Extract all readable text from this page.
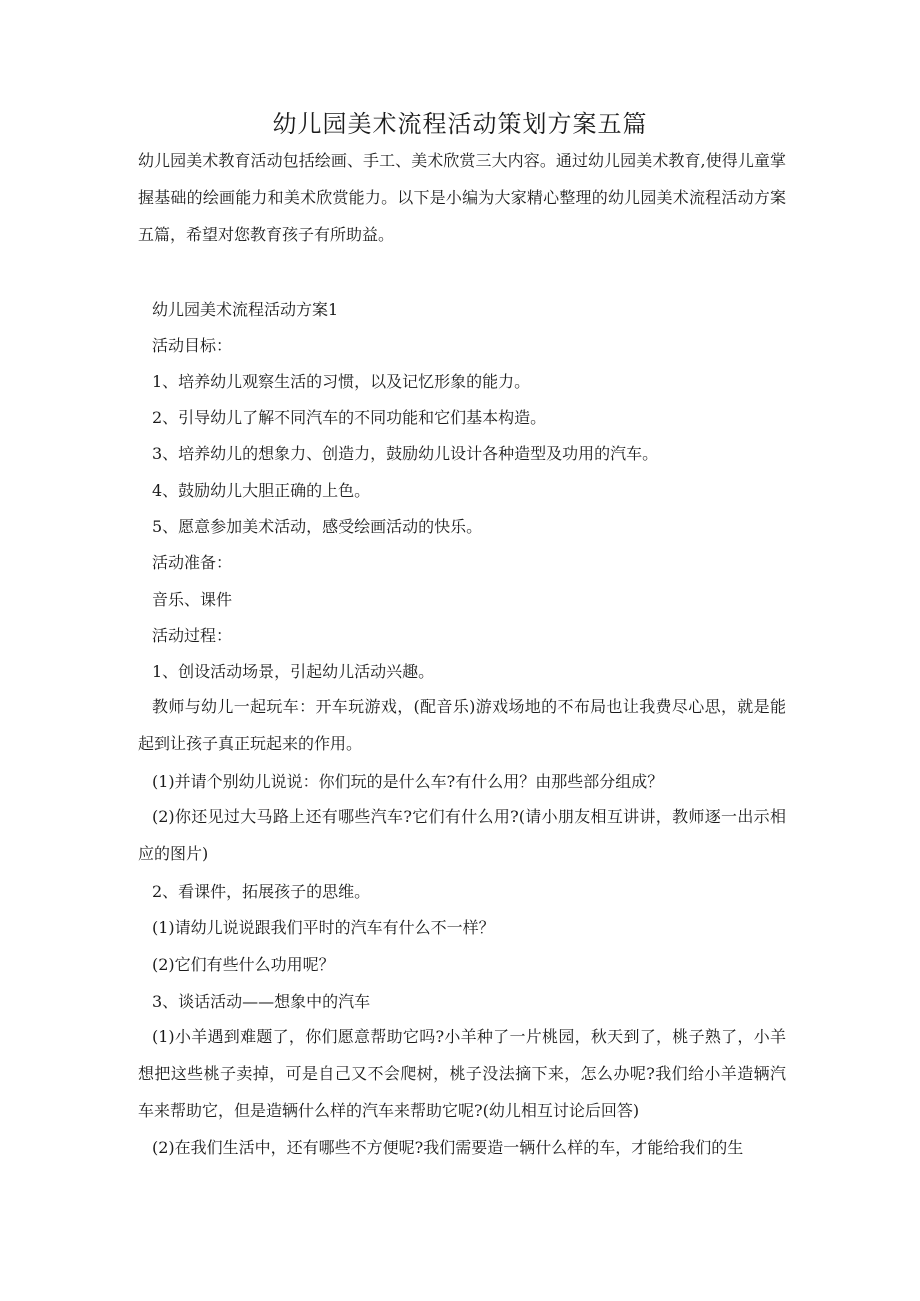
幼儿园美术流程活动策划方案五篇
幼儿园美术教育活动包括绘画、手工、美术欣赏三大内容。通过幼儿园美术教育,使得儿童掌握基础的绘画能力和美术欣赏能力。以下是小编为大家精心整理的幼儿园美术流程活动方案五篇，希望对您教育孩子有所助益。
幼儿园美术流程活动方案1
活动目标：
1、培养幼儿观察生活的习惯，以及记忆形象的能力。
2、引导幼儿了解不同汽车的不同功能和它们基本构造。
3、培养幼儿的想象力、创造力，鼓励幼儿设计各种造型及功用的汽车。
4、鼓励幼儿大胆正确的上色。
5、愿意参加美术活动，感受绘画活动的快乐。
活动准备：
音乐、课件
活动过程：
1、创设活动场景，引起幼儿活动兴趣。
教师与幼儿一起玩车：开车玩游戏，(配音乐)游戏场地的不布局也让我费尽心思，就是能起到让孩子真正玩起来的作用。
(1)并请个别幼儿说说：你们玩的是什么车?有什么用？由那些部分组成？
(2)你还见过大马路上还有哪些汽车?它们有什么用?(请小朋友相互讲讲，教师逐一出示相应的图片)
2、看课件，拓展孩子的思维。
(1)请幼儿说说跟我们平时的汽车有什么不一样？
(2)它们有些什么功用呢？
3、谈话活动——想象中的汽车
(1)小羊遇到难题了，你们愿意帮助它吗?小羊种了一片桃园，秋天到了，桃子熟了，小羊想把这些桃子卖掉，可是自己又不会爬树，桃子没法摘下来，怎么办呢?我们给小羊造辆汽车来帮助它，但是造辆什么样的汽车来帮助它呢?(幼儿相互讨论后回答)
(2)在我们生活中，还有哪些不方便呢?我们需要造一辆什么样的车，才能给我们的生
